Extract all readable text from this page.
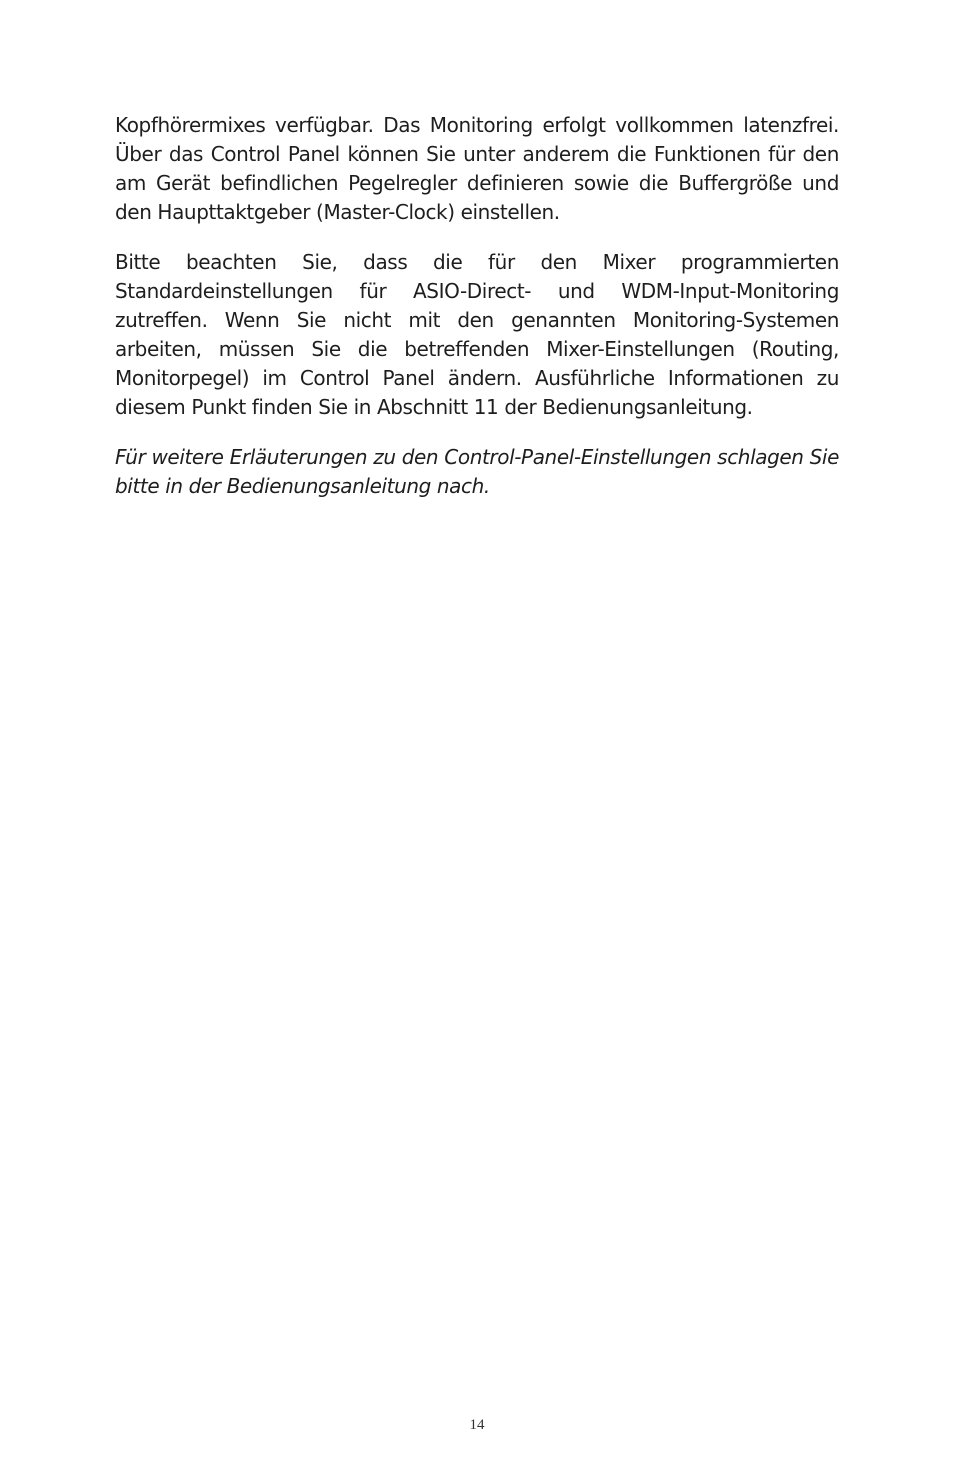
Kopfhörermixes verfügbar. Das Monitoring erfolgt vollkommen latenzfrei. Über das Control Panel können Sie unter anderem die Funktionen für den am Gerät befindlichen Pegelregler definieren sowie die Buffergröße und den Haupttaktgeber (Master-Clock) einstellen.

Bitte beachten Sie, dass die für den Mixer programmierten Standardeinstellungen für ASIO-Direct- und WDM-Input-Monitoring zutreffen. Wenn Sie nicht mit den genannten Monitoring-Systemen arbeiten, müssen Sie die betreffenden Mixer-Einstellungen (Routing, Monitorpegel) im Control Panel ändern. Ausführliche Informationen zu diesem Punkt finden Sie in Abschnitt 11 der Bedienungsanleitung.

Für weitere Erläuterungen zu den Control-Panel-Einstellungen schlagen Sie bitte in der Bedienungsanleitung nach.

14
